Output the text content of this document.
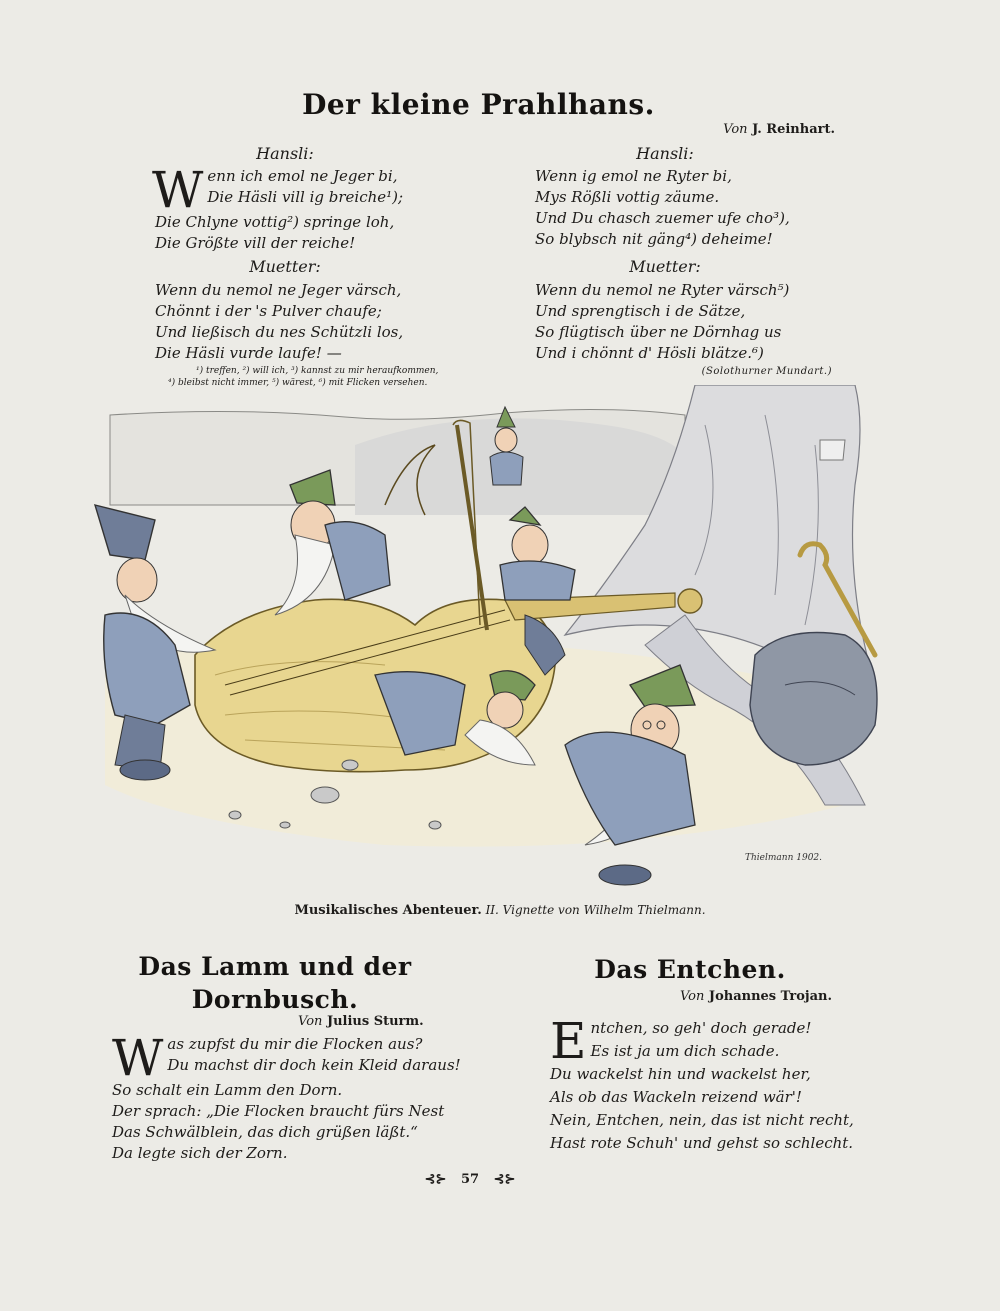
Der kleine Prahlhans.
Von J. Reinhart.
Hansli:
W enn ich emol ne Jeger bi,
Die Häsli vill ig breiche¹);
Die Chlyne vottig²) springe loh,
Die Größte vill der reiche!
Muetter:
Wenn du nemol ne Jeger värsch,
Chönnt i der 's Pulver chaufe;
Und ließisch du nes Schützli los,
Die Häsli vurde laufe! —
¹) treffen, ²) will ich, ³) kannst zu mir heraufkommen,
⁴) bleibst nicht immer, ⁵) wärest, ⁶) mit Flicken versehen.
Hansli:
Wenn ig emol ne Ryter bi,
Mys Rößli vottig zäume.
Und Du chasch zuemer ufe cho³),
So blybsch nit gäng⁴) deheime!
Muetter:
Wenn du nemol ne Ryter värsch⁵)
Und sprengtisch i de Sätze,
So flügtisch über ne Dörnhag us
Und i chönnt d' Hösli blätze.⁶)
(Solothurner Mundart.)
Thielmann 1902.
Musikalisches Abenteuer. II. Vignette von Wilhelm Thielmann.
Das Lamm und der
Dornbusch.
Von Julius Sturm.
W as zupfst du mir die Flocken aus?
Du machst dir doch kein Kleid daraus!
So schalt ein Lamm den Dorn.
Der sprach: „Die Flocken braucht fürs Nest
Das Schwälblein, das dich grüßen läßt.“
Da legte sich der Zorn.
Das Entchen.
Von Johannes Trojan.
E ntchen, so geh' doch gerade!
Es ist ja um dich schade.
Du wackelst hin und wackelst her,
Als ob das Wackeln reizend wär'!
Nein, Entchen, nein, das ist nicht recht,
Hast rote Schuh' und gehst so schlecht.
⊰⊱ 57 ⊰⊱
